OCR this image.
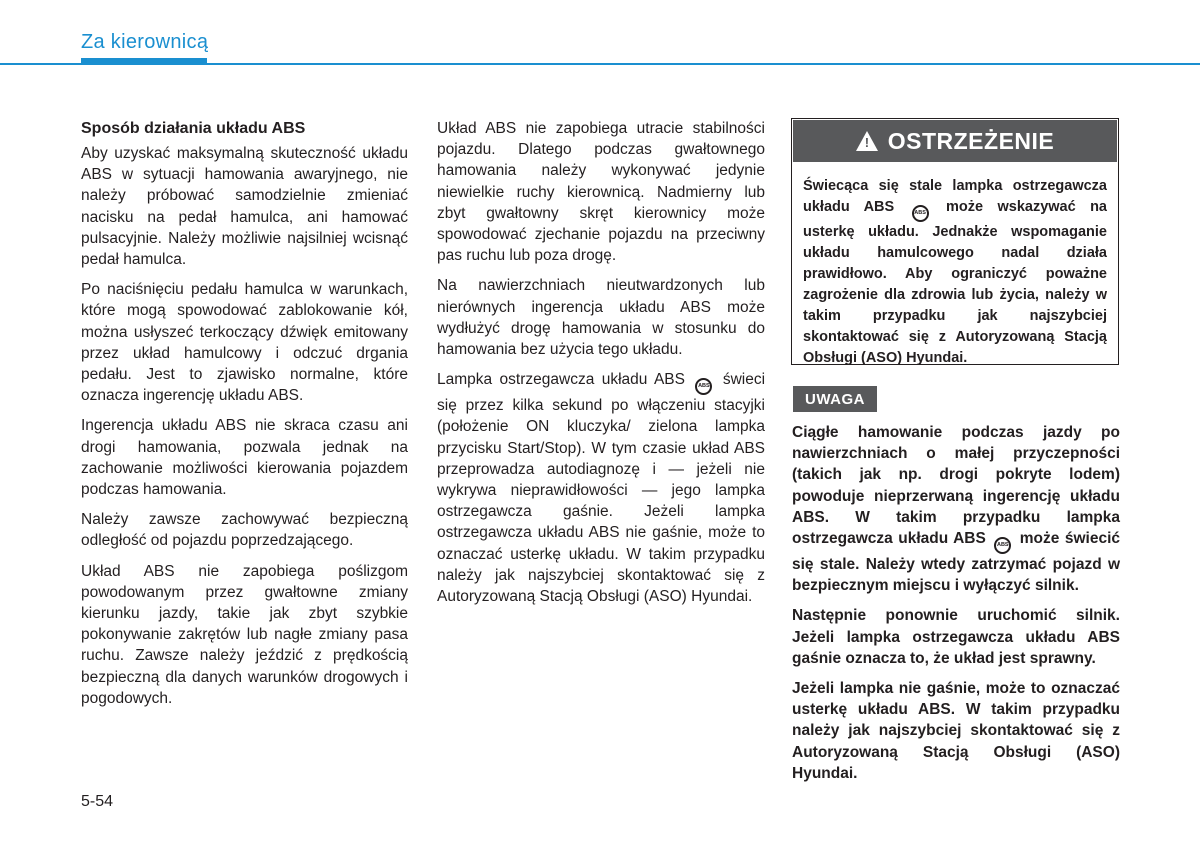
Za kierownicą
Sposób działania układu ABS

Aby uzyskać maksymalną skuteczność układu ABS w sytuacji hamowania awaryjnego, nie należy próbować samodzielnie zmieniać nacisku na pedał hamulca, ani hamować pulsacyjnie. Należy możliwie najsilniej wcisnąć pedał hamulca.

Po naciśnięciu pedału hamulca w warunkach, które mogą spowodować zablokowanie kół, można usłyszeć terkoczący dźwięk emitowany przez układ hamulcowy i odczuć drgania pedału. Jest to zjawisko normalne, które oznacza ingerencję układu ABS.

Ingerencja układu ABS nie skraca czasu ani drogi hamowania, pozwala jednak na zachowanie możliwości kierowania pojazdem podczas hamowania.

Należy zawsze zachowywać bezpieczną odległość od pojazdu poprzedzającego.

Układ ABS nie zapobiega poślizgom powodowanym przez gwałtowne zmiany kierunku jazdy, takie jak zbyt szybkie pokonywanie zakrętów lub nagłe zmiany pasa ruchu. Zawsze należy jeździć z prędkością bezpieczną dla danych warunków drogowych i pogodowych.

Układ ABS nie zapobiega utracie stabilności pojazdu. Dlatego podczas gwałtownego hamowania należy wykonywać jedynie niewielkie ruchy kierownicą. Nadmierny lub zbyt gwałtowny skręt kierownicy może spowodować zjechanie pojazdu na przeciwny pas ruchu lub poza drogę.

Na nawierzchniach nieutwardzonych lub nierównych ingerencja układu ABS może wydłużyć drogę hamowania w stosunku do hamowania bez użycia tego układu.

Lampka ostrzegawcza układu ABS ABS świeci się przez kilka sekund po włączeniu stacyjki (położenie ON kluczyka/ zielona lampka przycisku Start/Stop). W tym czasie układ ABS przeprowadza autodiagnozę i — jeżeli nie wykrywa nieprawidłowości — jego lampka ostrzegawcza gaśnie. Jeżeli lampka ostrzegawcza układu ABS nie gaśnie, może to oznaczać usterkę układu. W takim przypadku należy jak najszybciej skontaktować się z Autoryzowaną Stacją Obsługi (ASO) Hyundai.

! OSTRZEŻENIE
Świecąca się stale lampka ostrzegawcza układu ABS	ABS może wskazywać na usterkę układu. Jednakże wspomaganie układu hamulcowego nadal działa prawidłowo. Aby ograniczyć poważne zagrożenie dla zdrowia lub życia, należy w takim przypadku jak najszybciej skontaktować się z Autoryzowaną Stacją Obsługi (ASO) Hyundai.
UWAGA

Ciągłe hamowanie podczas jazdy po nawierzchniach o małej przyczepności (takich jak np. drogi pokryte lodem) powoduje nieprzerwaną ingerencję układu ABS. W takim przypadku lampka ostrzegawcza układu ABS ABS może świecić się stale. Należy wtedy zatrzymać pojazd w bezpiecznym miejscu i wyłączyć silnik.

Następnie ponownie uruchomić silnik. Jeżeli lampka ostrzegawcza układu ABS gaśnie oznacza to, że układ jest sprawny.

Jeżeli lampka nie gaśnie, może to oznaczać usterkę układu ABS. W takim przypadku należy jak najszybciej skontaktować się z Autoryzowaną Stacją Obsługi (ASO) Hyundai.

5-54
